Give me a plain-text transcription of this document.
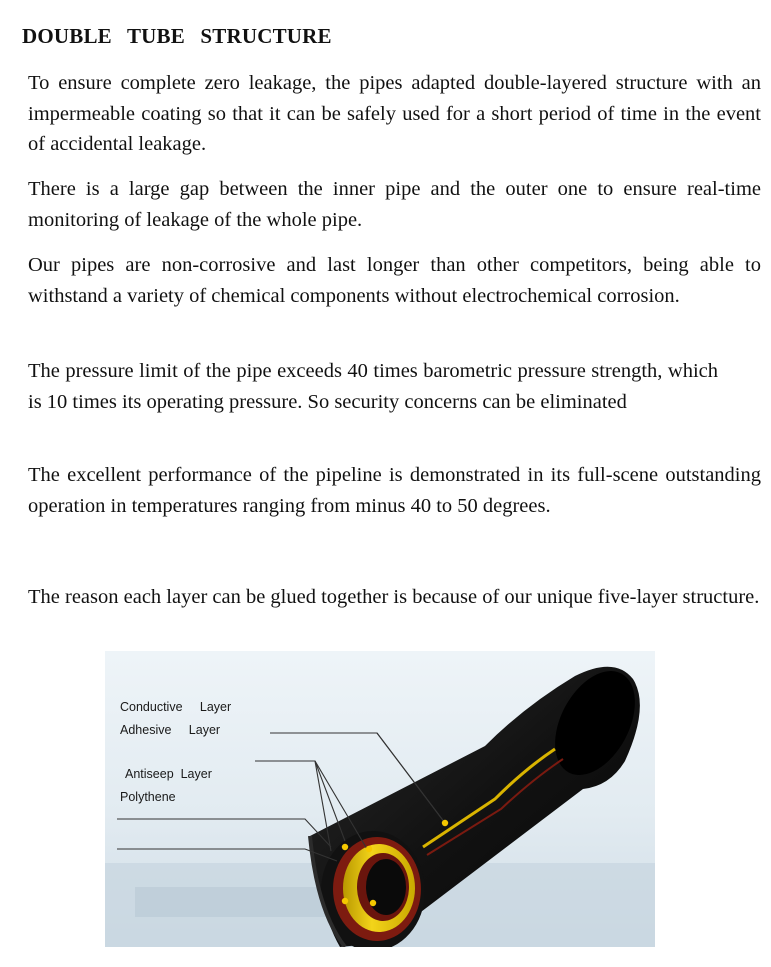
DOUBLE TUBE STRUCTURE

To ensure complete zero leakage, the pipes adapted double-layered structure with an impermeable coating so that it can be safely used for a short period of time in the event of accidental leakage.

There is a large gap between the inner pipe and the outer one to ensure real-time monitoring of leakage of the whole pipe.

Our pipes are non-corrosive and last longer than other competitors, being able to withstand a variety of chemical components without electrochemical corrosion.

The pressure limit of the pipe exceeds 40 times barometric pressure strength, which is 10 times its operating pressure. So security concerns can be eliminated

The excellent performance of the pipeline is demonstrated in its full-scene outstanding operation in temperatures ranging from minus 40 to 50 degrees.

The reason each layer can be glued together is because of our unique five-layer structure.

Conductive     Layer
Adhesive     Layer
Antiseep  Layer
Polythene
